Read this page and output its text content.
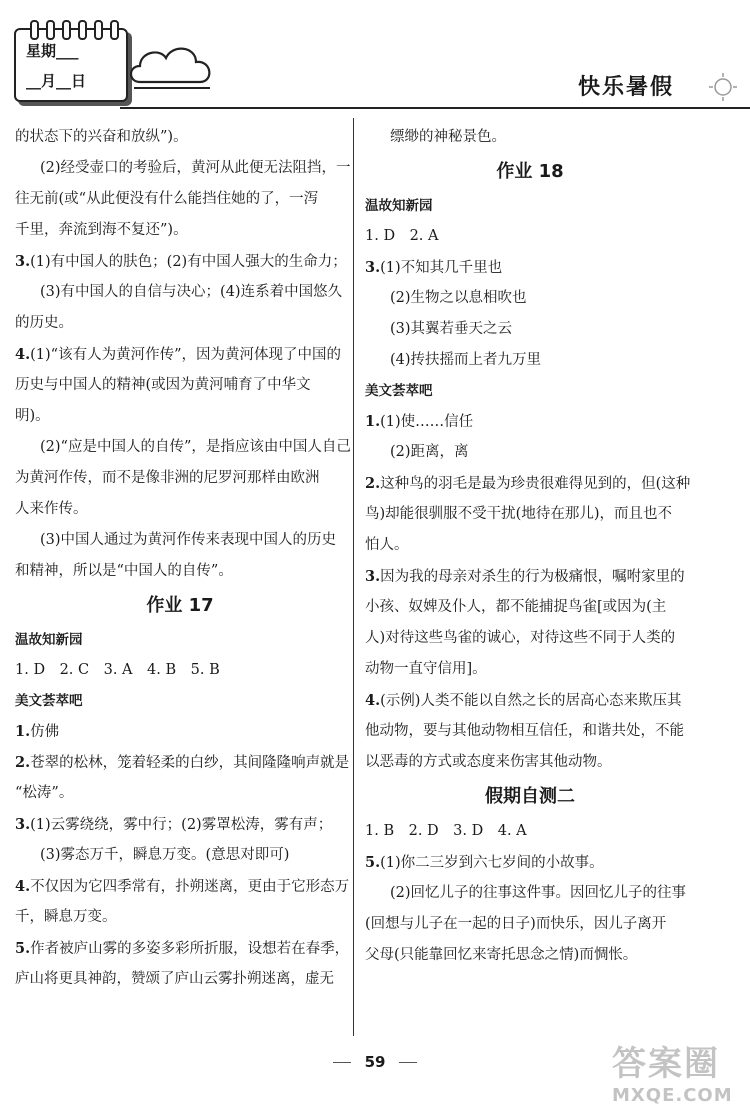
星期___
__月__日	快乐暑假
的状态下的兴奋和放纵”)。
(2)经受壶口的考验后，黄河从此便无法阻挡，一
往无前(或“从此便没有什么能挡住她的了，一泻
千里，奔流到海不复还”)。
3.(1)有中国人的肤色；(2)有中国人强大的生命力；
(3)有中国人的自信与决心；(4)连系着中国悠久
的历史。
4.(1)“该有人为黄河作传”，因为黄河体现了中国的
历史与中国人的精神(或因为黄河哺育了中华文
明)。
(2)“应是中国人的自传”，是指应该由中国人自己
为黄河作传，而不是像非洲的尼罗河那样由欧洲
人来作传。
(3)中国人通过为黄河作传来表现中国人的历史
和精神，所以是“中国人的自传”。
作业 17
温故知新园
1. D　2. C　3. A　4. B　5. B
美文荟萃吧
1.仿佛
2.苍翠的松林，笼着轻柔的白纱，其间隆隆响声就是
“松涛”。
3.(1)云雾绕绕，雾中行；(2)雾罩松涛，雾有声；
(3)雾态万千，瞬息万变。(意思对即可)
4.不仅因为它四季常有，扑朔迷离，更由于它形态万
千，瞬息万变。
5.作者被庐山雾的多姿多彩所折服，设想若在春季，
庐山将更具神韵，赞颂了庐山云雾扑朔迷离，虚无
缥缈的神秘景色。
作业 18
温故知新园
1. D　2. A
3.(1)不知其几千里也
(2)生物之以息相吹也
(3)其翼若垂天之云
(4)抟扶摇而上者九万里
美文荟萃吧
1.(1)使……信任
(2)距离，离
2.这种鸟的羽毛是最为珍贵很难得见到的，但(这种
鸟)却能很驯服不受干扰(地待在那儿)，而且也不
怕人。
3.因为我的母亲对杀生的行为极痛恨，嘱咐家里的
小孩、奴婢及仆人，都不能捕捉鸟雀[或因为(主
人)对待这些鸟雀的诚心，对待这些不同于人类的
动物一直守信用]。
4.(示例)人类不能以自然之长的居高心态来欺压其
他动物，要与其他动物相互信任，和谐共处，不能
以恶毒的方式或态度来伤害其他动物。
假期自测二
1. B　2. D　3. D　4. A
5.(1)你二三岁到六七岁间的小故事。
(2)回忆儿子的往事这件事。因回忆儿子的往事
(回想与儿子在一起的日子)而快乐，因儿子离开
父母(只能靠回忆来寄托思念之情)而惆怅。
59	答案圈
MXQE.COM
